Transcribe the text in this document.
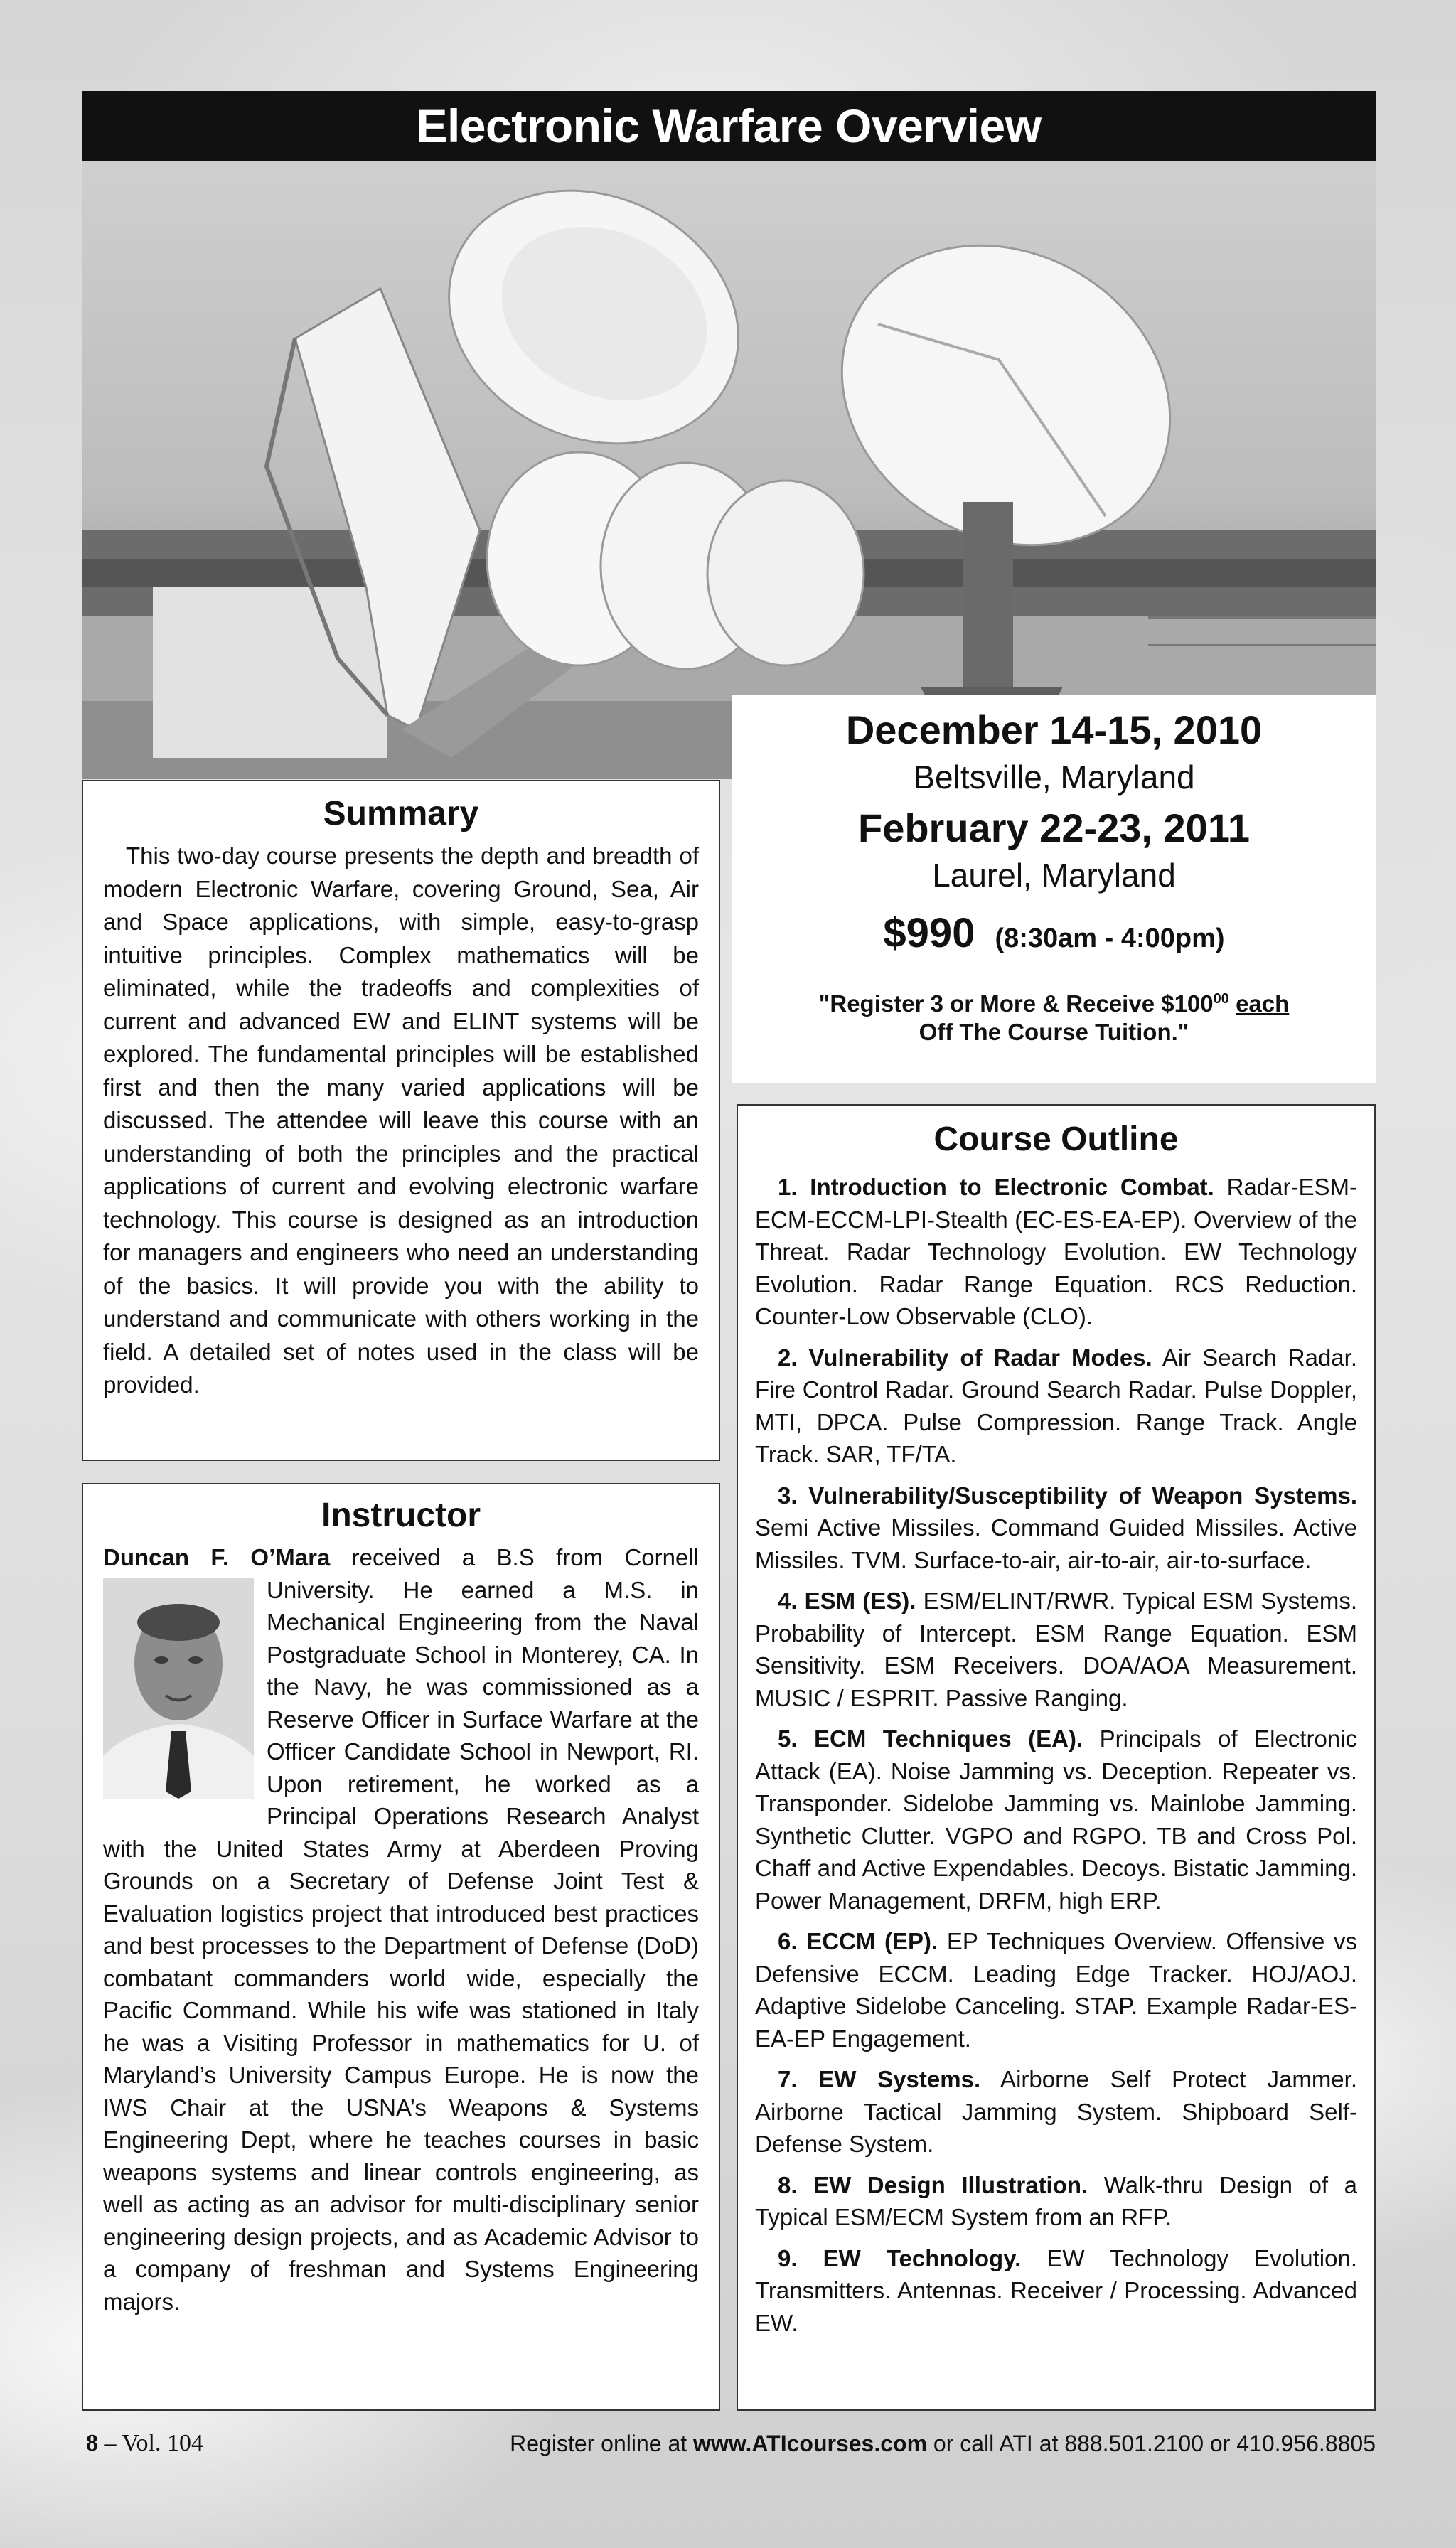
Electronic Warfare Overview
December 14-15, 2010
Beltsville, Maryland
February 22-23, 2011
Laurel, Maryland
$990 (8:30am - 4:00pm)
"Register 3 or More & Receive $\$100^{00}$ each
Off The Course Tuition."
Summary

This two-day course presents the depth and breadth of modern Electronic Warfare, covering Ground, Sea, Air and Space applications, with simple, easy-to-grasp intuitive principles. Complex mathematics will be eliminated, while the tradeoffs and complexities of current and advanced EW and ELINT systems will be explored. The fundamental principles will be established first and then the many varied applications will be discussed. The attendee will leave this course with an understanding of both the principles and the practical applications of current and evolving electronic warfare technology. This course is designed as an introduction for managers and engineers who need an understanding of the basics. It will provide you with the ability to understand and communicate with others working in the field. A detailed set of notes used in the class will be provided.

Instructor
Duncan F. O’Mara received a B.S from Cornell University.
He earned a M.S. in Mechanical Engineering from the Naval Postgraduate School in Monterey, CA. In the Navy, he was commissioned as a Reserve Officer in Surface Warfare at the Officer Candidate School in Newport, RI. Upon retirement, he worked as a Principal Operations Research Analyst with the United States Army at Aberdeen Proving Grounds on a Secretary of Defense Joint Test & Evaluation logistics project that introduced best practices and best processes to the Department of Defense (DoD) combatant commanders world wide, especially the Pacific Command. While his wife was stationed in Italy he was a Visiting Professor in mathematics for U. of Maryland’s University Campus Europe. He is now the IWS Chair at the USNA’s Weapons & Systems Engineering Dept, where he teaches courses in basic weapons systems and linear controls engineering, as well as acting as an advisor for multi-disciplinary senior engineering design projects, and as Academic Advisor to a company of freshman and Systems Engineering majors.
Course Outline
1. Introduction to Electronic Combat. Radar-ESM-ECM-ECCM-LPI-Stealth (EC-ES-EA-EP). Overview of the Threat. Radar Technology Evolution. EW Technology Evolution. Radar Range Equation. RCS Reduction. Counter-Low Observable (CLO).
2. Vulnerability of Radar Modes. Air Search Radar. Fire Control Radar. Ground Search Radar. Pulse Doppler, MTI, DPCA. Pulse Compression. Range Track. Angle Track. SAR, TF/TA.
3. Vulnerability/Susceptibility of Weapon Systems. Semi Active Missiles. Command Guided Missiles. Active Missiles. TVM. Surface-to-air, air-to-air, air-to-surface.
4. ESM (ES). ESM/ELINT/RWR. Typical ESM Systems. Probability of Intercept. ESM Range Equation. ESM Sensitivity. ESM Receivers. DOA/AOA Measurement. MUSIC / ESPRIT. Passive Ranging.
5. ECM Techniques (EA). Principals of Electronic Attack (EA). Noise Jamming vs. Deception. Repeater vs. Transponder. Sidelobe Jamming vs. Mainlobe Jamming. Synthetic Clutter. VGPO and RGPO. TB and Cross Pol. Chaff and Active Expendables. Decoys. Bistatic Jamming. Power Management, DRFM, high ERP.
6. ECCM (EP). EP Techniques Overview. Offensive vs Defensive ECCM. Leading Edge Tracker. HOJ/AOJ. Adaptive Sidelobe Canceling. STAP. Example Radar-ES-EA-EP Engagement.
7. EW Systems. Airborne Self Protect Jammer. Airborne Tactical Jamming System. Shipboard Self-Defense System.
8. EW Design Illustration. Walk-thru Design of a Typical ESM/ECM System from an RFP.
9. EW Technology. EW Technology Evolution. Transmitters. Antennas. Receiver / Processing. Advanced EW.
8 – Vol. 104	Register online at www.ATIcourses.com or call ATI at 888.501.2100 or 410.956.8805
